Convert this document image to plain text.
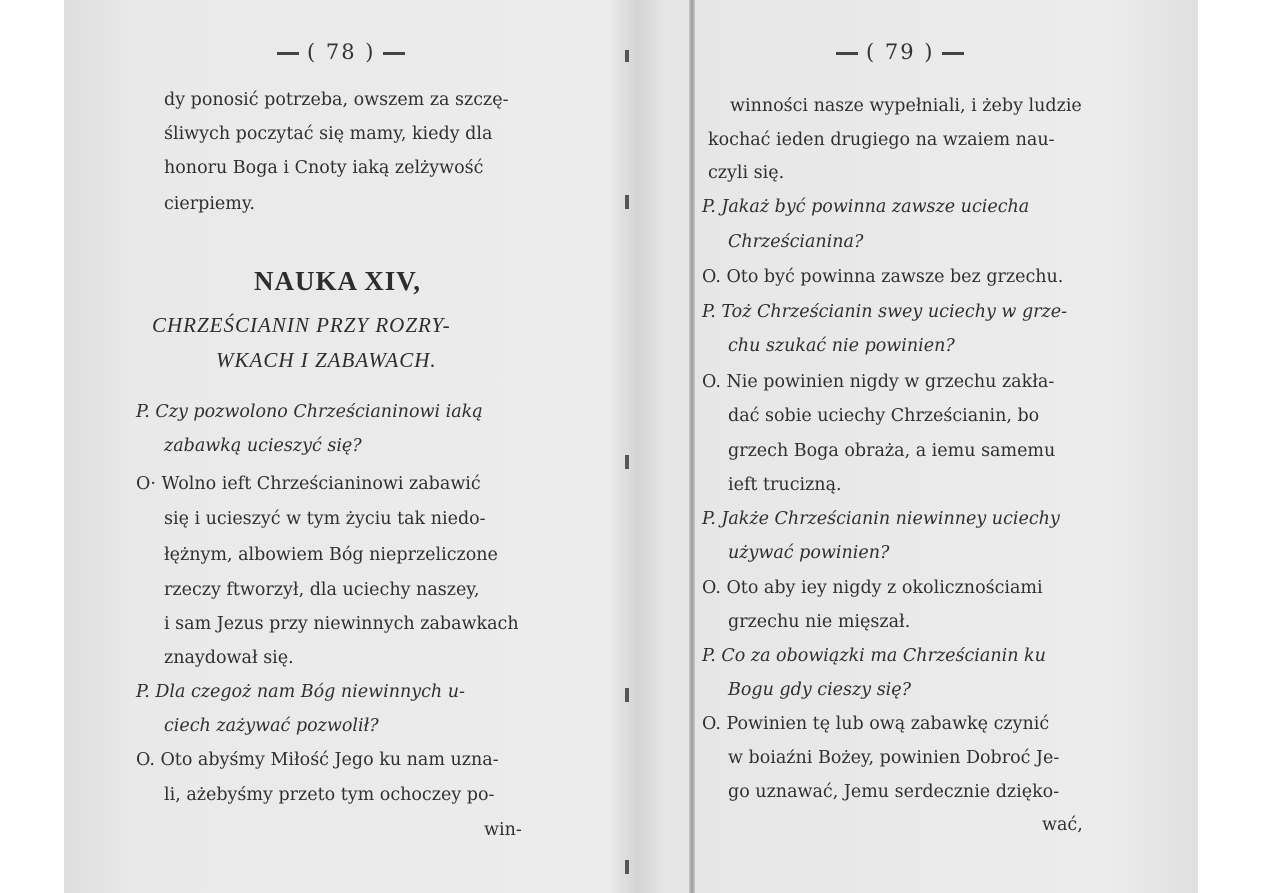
( 78 )
dy ponosić potrzeba, owszem za szczę-
śliwych poczytać się mamy, kiedy dla
honoru Boga i Cnoty iaką zelżywość
cierpiemy.
NAUKA XIV,
CHRZEŚCIANIN PRZY ROZRY-
WKACH I ZABAWACH.
P. Czy pozwolono Chrześcianinowi iaką
zabawką ucieszyć się?
O· Wolno ieft Chrześcianinowi zabawić
się i ucieszyć w tym życiu tak niedo-
łężnym, albowiem Bóg nieprzeliczone
rzeczy ftworzył, dla uciechy naszey,
i sam Jezus przy niewinnych zabawkach
znaydował się.
P. Dla czegoż nam Bóg niewinnych u-
ciech zażywać pozwolił?
O. Oto abyśmy Miłość Jego ku nam uzna-
li, ażebyśmy przeto tym ochoczey po-
win-
( 79 )
winności nasze wypełniali, i żeby ludzie
kochać ieden drugiego na wzaiem nau-
czyli się.
P. Jakaż być powinna zawsze uciecha
Chrześcianina?
O. Oto być powinna zawsze bez grzechu.
P. Toż Chrześcianin swey uciechy w grze-
chu szukać nie powinien?
O. Nie powinien nigdy w grzechu zakła-
dać sobie uciechy Chrześcianin, bo
grzech Boga obraża, a iemu samemu
ieft trucizną.
P. Jakże Chrześcianin niewinney uciechy
używać powinien?
O. Oto aby iey nigdy z okolicznościami
grzechu nie mięszał.
P. Co za obowiązki ma Chrześcianin ku
Bogu gdy cieszy się?
O. Powinien tę lub ową zabawkę czynić
w boiaźni Bożey, powinien Dobroć Je-
go uznawać, Jemu serdecznie dzięko-
wać,
